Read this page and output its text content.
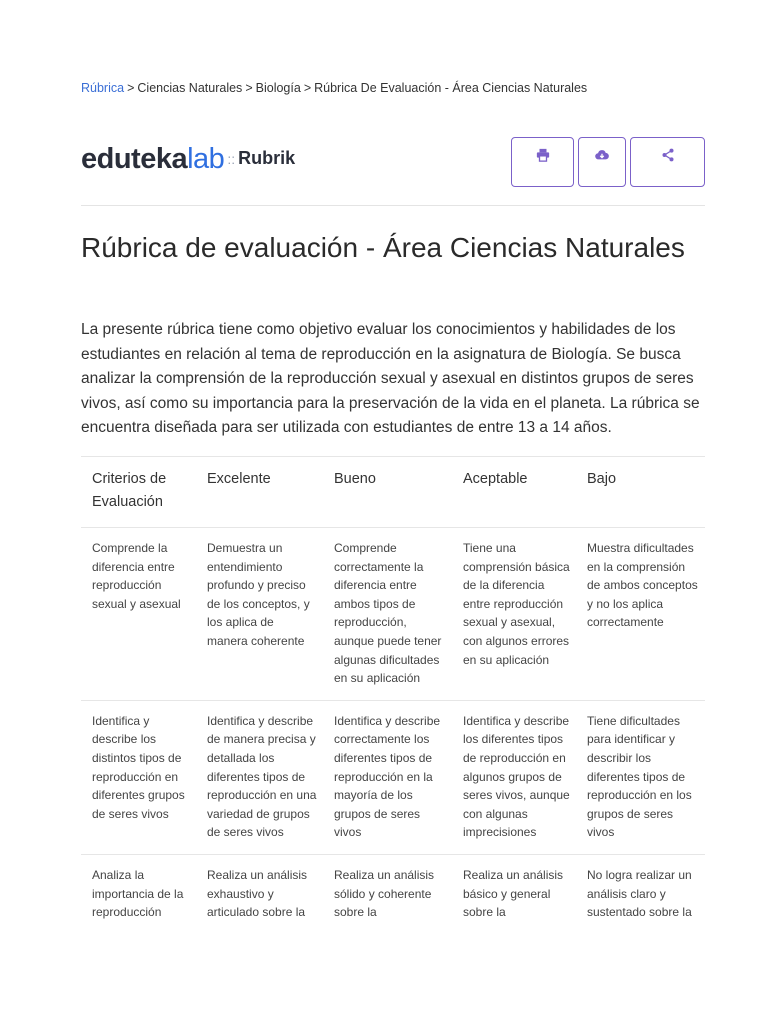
Rúbrica > Ciencias Naturales > Biología > Rúbrica De Evaluación - Área Ciencias Naturales
eduteka lab :: Rubrik
Rúbrica de evaluación - Área Ciencias Naturales

La presente rúbrica tiene como objetivo evaluar los conocimientos y habilidades de los estudiantes en relación al tema de reproducción en la asignatura de Biología. Se busca analizar la comprensión de la reproducción sexual y asexual en distintos grupos de seres vivos, así como su importancia para la preservación de la vida en el planeta. La rúbrica se encuentra diseñada para ser utilizada con estudiantes de entre 13 a 14 años.

Criterios de Evaluación	Excelente	Bueno	Aceptable	Bajo
Comprende la diferencia entre reproducción sexual y asexual	Demuestra un entendimiento profundo y preciso de los conceptos, y los aplica de manera coherente	Comprende correctamente la diferencia entre ambos tipos de reproducción, aunque puede tener algunas dificultades en su aplicación	Tiene una comprensión básica de la diferencia entre reproducción sexual y asexual, con algunos errores en su aplicación	Muestra dificultades en la comprensión de ambos conceptos y no los aplica correctamente
Identifica y describe los distintos tipos de reproducción en diferentes grupos de seres vivos	Identifica y describe de manera precisa y detallada los diferentes tipos de reproducción en una variedad de grupos de seres vivos	Identifica y describe correctamente los diferentes tipos de reproducción en la mayoría de los grupos de seres vivos	Identifica y describe los diferentes tipos de reproducción en algunos grupos de seres vivos, aunque con algunas imprecisiones	Tiene dificultades para identificar y describir los diferentes tipos de reproducción en los grupos de seres vivos
Analiza la importancia de la reproducción	Realiza un análisis exhaustivo y articulado sobre la	Realiza un análisis sólido y coherente sobre la	Realiza un análisis básico y general sobre la	No logra realizar un análisis claro y sustentado sobre la
